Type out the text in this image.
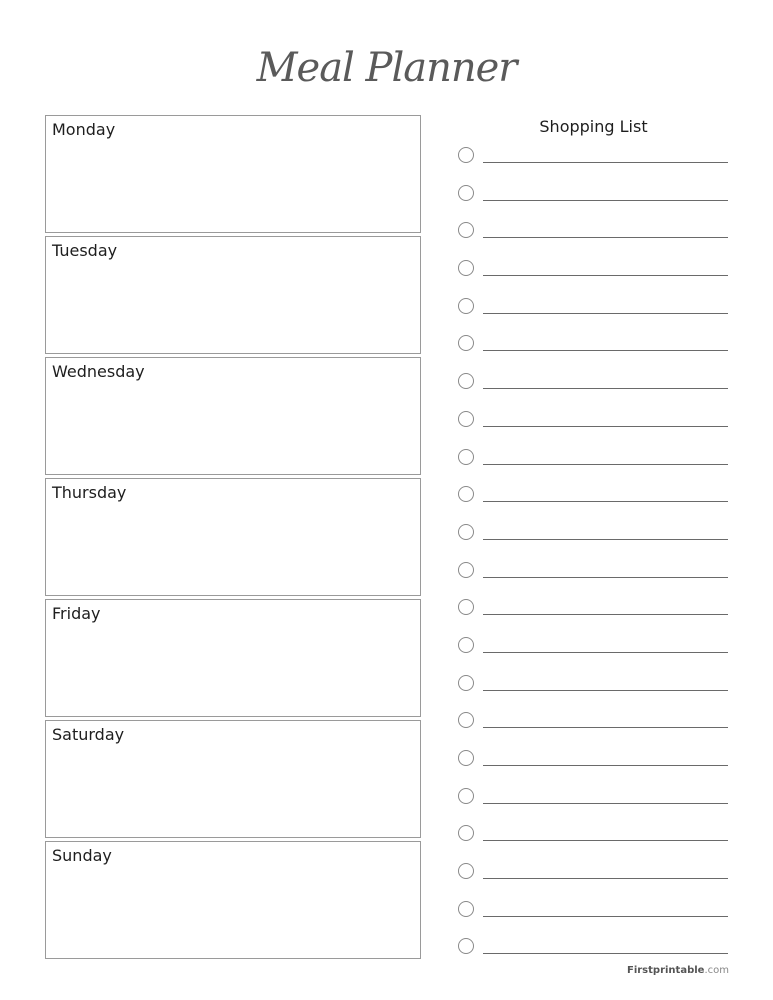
Meal Planner
Monday
Tuesday
Wednesday
Thursday
Friday
Saturday
Sunday
Shopping List
Firstprintable.com
